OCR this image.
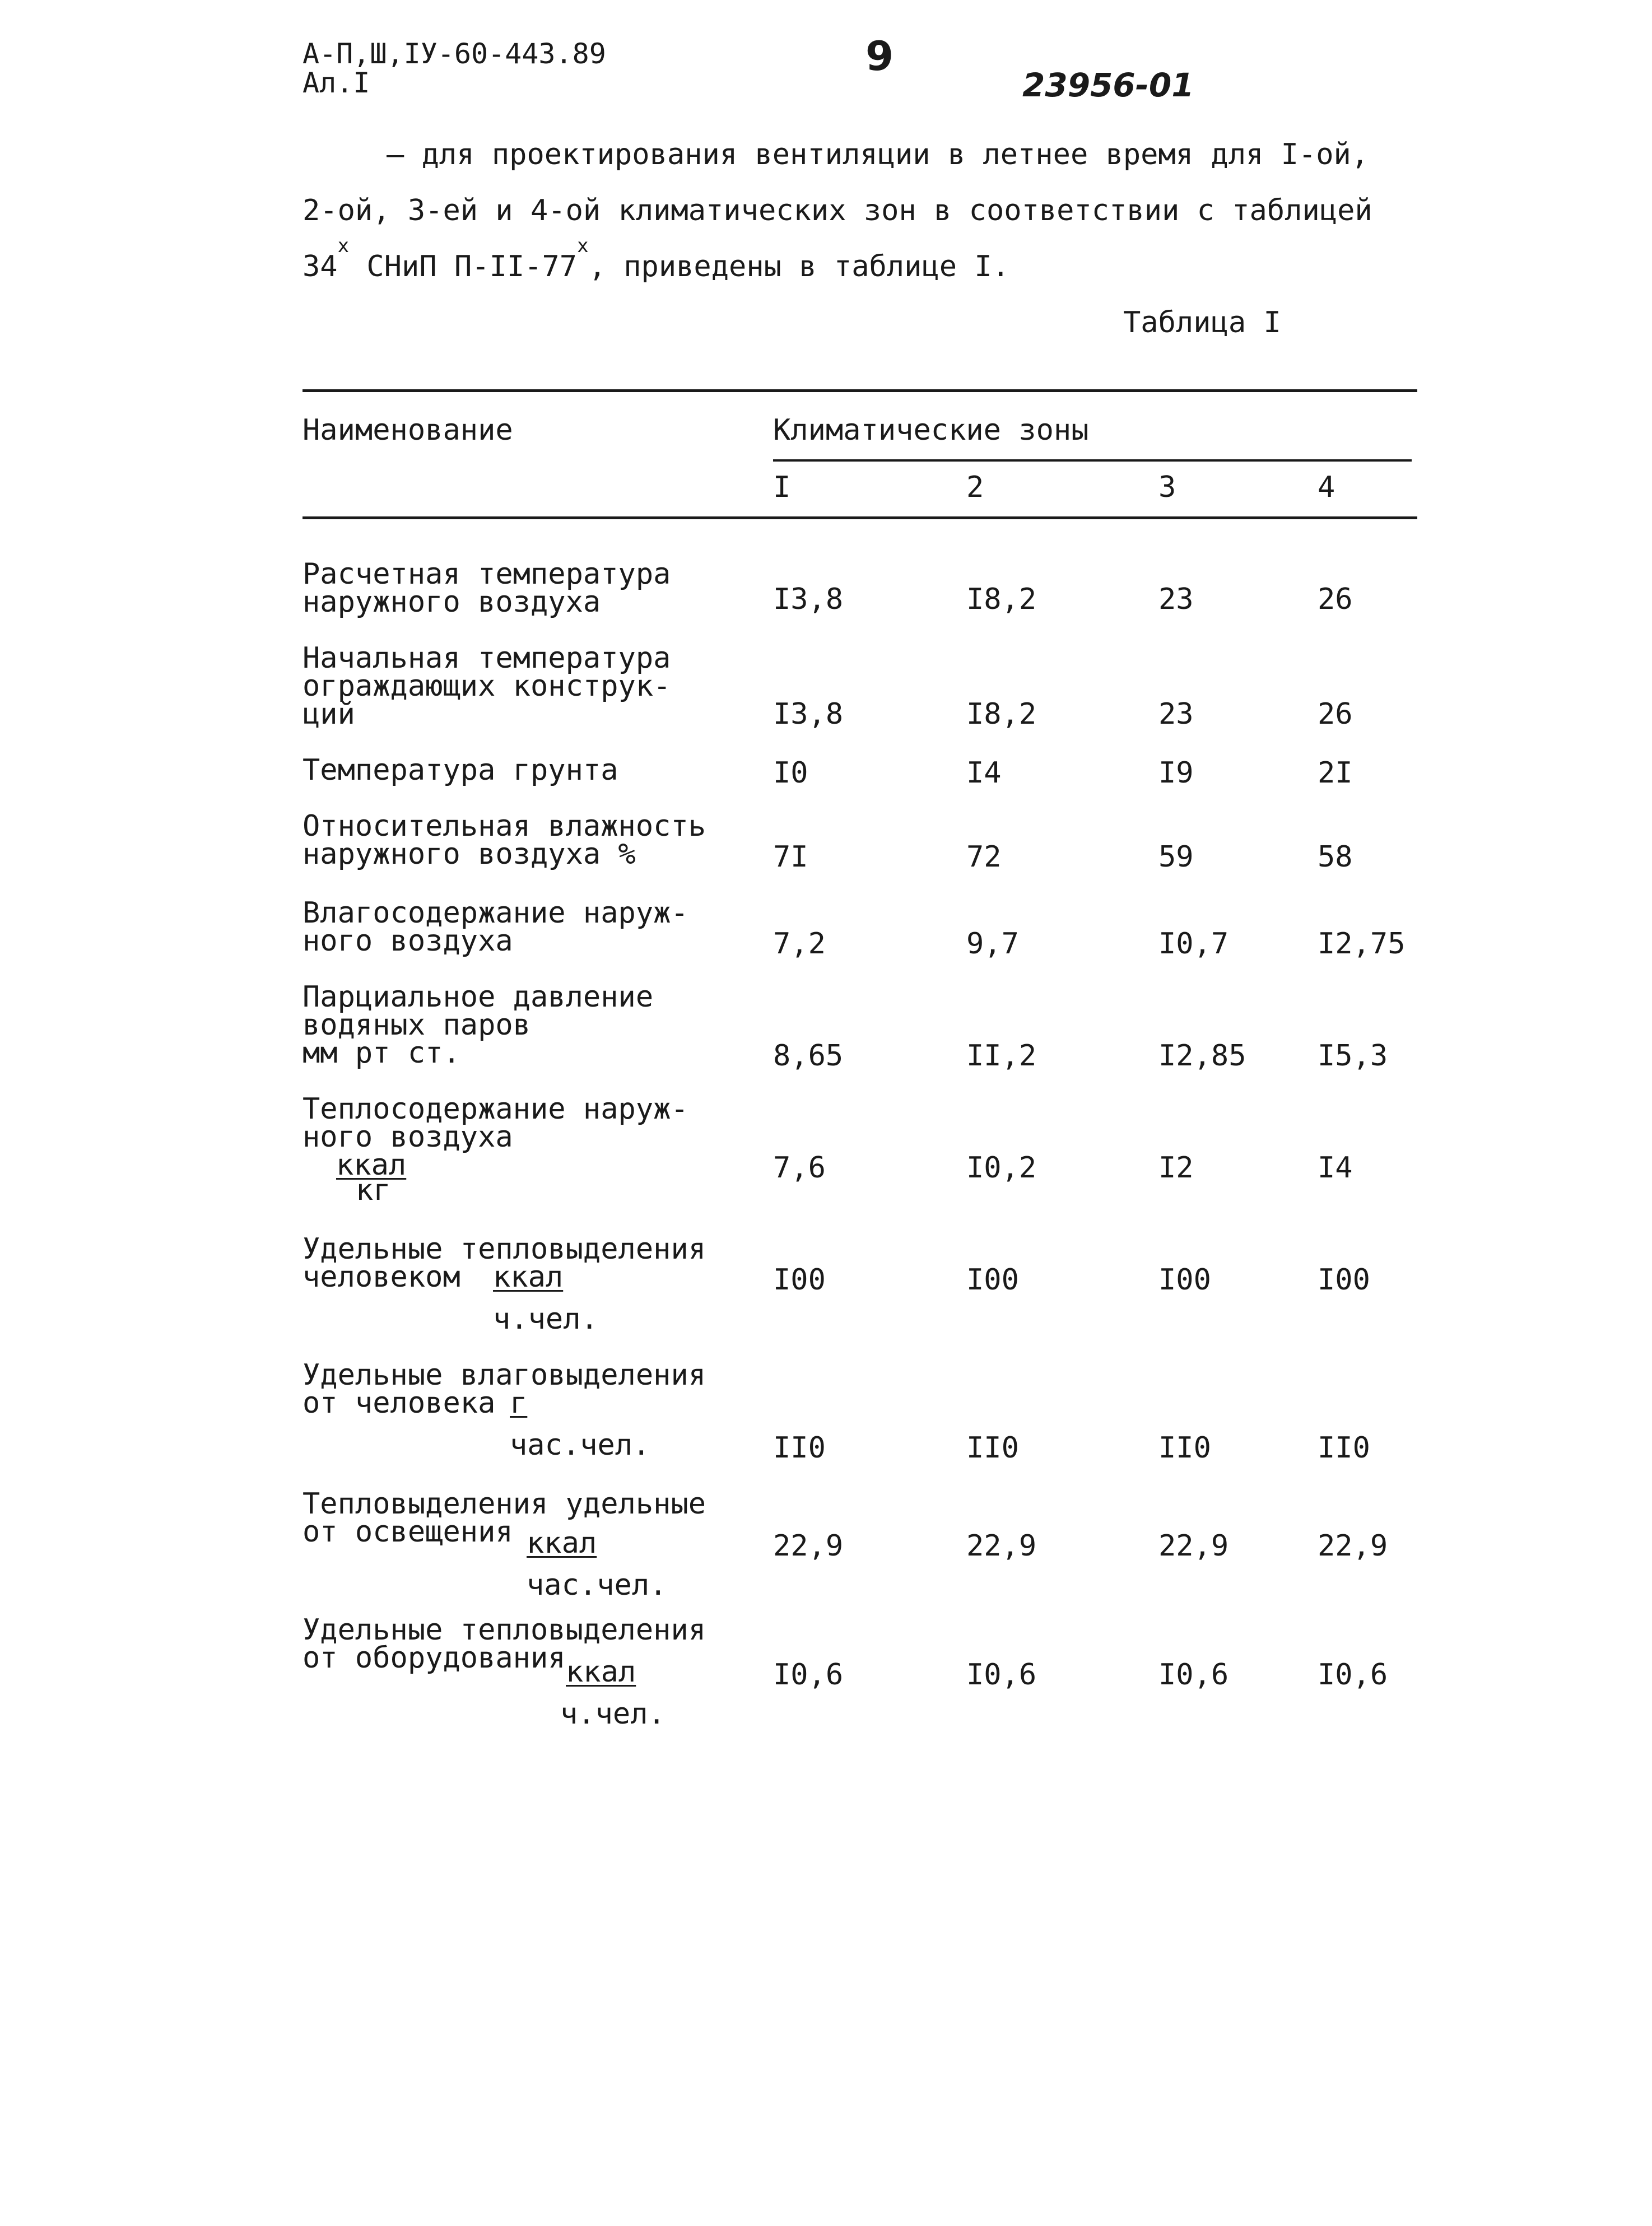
А-П,Ш,IУ-60-443.89
Ал.I
9
23956-01
– для проектирования вентиляции в летнее время для I-ой,
2-ой, 3-ей и 4-ой климатических зон в соответствии с таблицей
$34^х$ СНиП $П-II-77^х$, приведены в таблице I.
Таблица I
Наименование	Климатические зоны
I	2	3	4
Расчетная температура
наружного воздуха	I3,8	I8,2	23	26
Начальная температура
ограждающих конструк-
ций	I3,8	I8,2	23	26
Температура грунта	I0	I4	I9	2I
Относительная влажность
наружного воздуха %	7I	72	59	58
Влагосодержание наруж-
ного воздуха	7,2	9,7	I0,7	I2,75
Парциальное давление
водяных паров
мм рт ст.	8,65	II,2	I2,85 I5,3
Теплосодержание наруж-
ного воздуха
ккал
кг
7,6	I0,2	I2	I4
Удельные тепловыделения
человеком	ккал
ч.чел.
I00	I00	I00	I00
Удельные влаговыделения
от человека г
час.чел.	II0	II0	II0	II0
Тепловыделения удельные
от освещения ккал
час.чел.
22,9	22,9	22,9	22,9
Удельные тепловыделения
от оборудования ккал
ч.чел.
I0,6	I0,6	I0,6	I0,6
